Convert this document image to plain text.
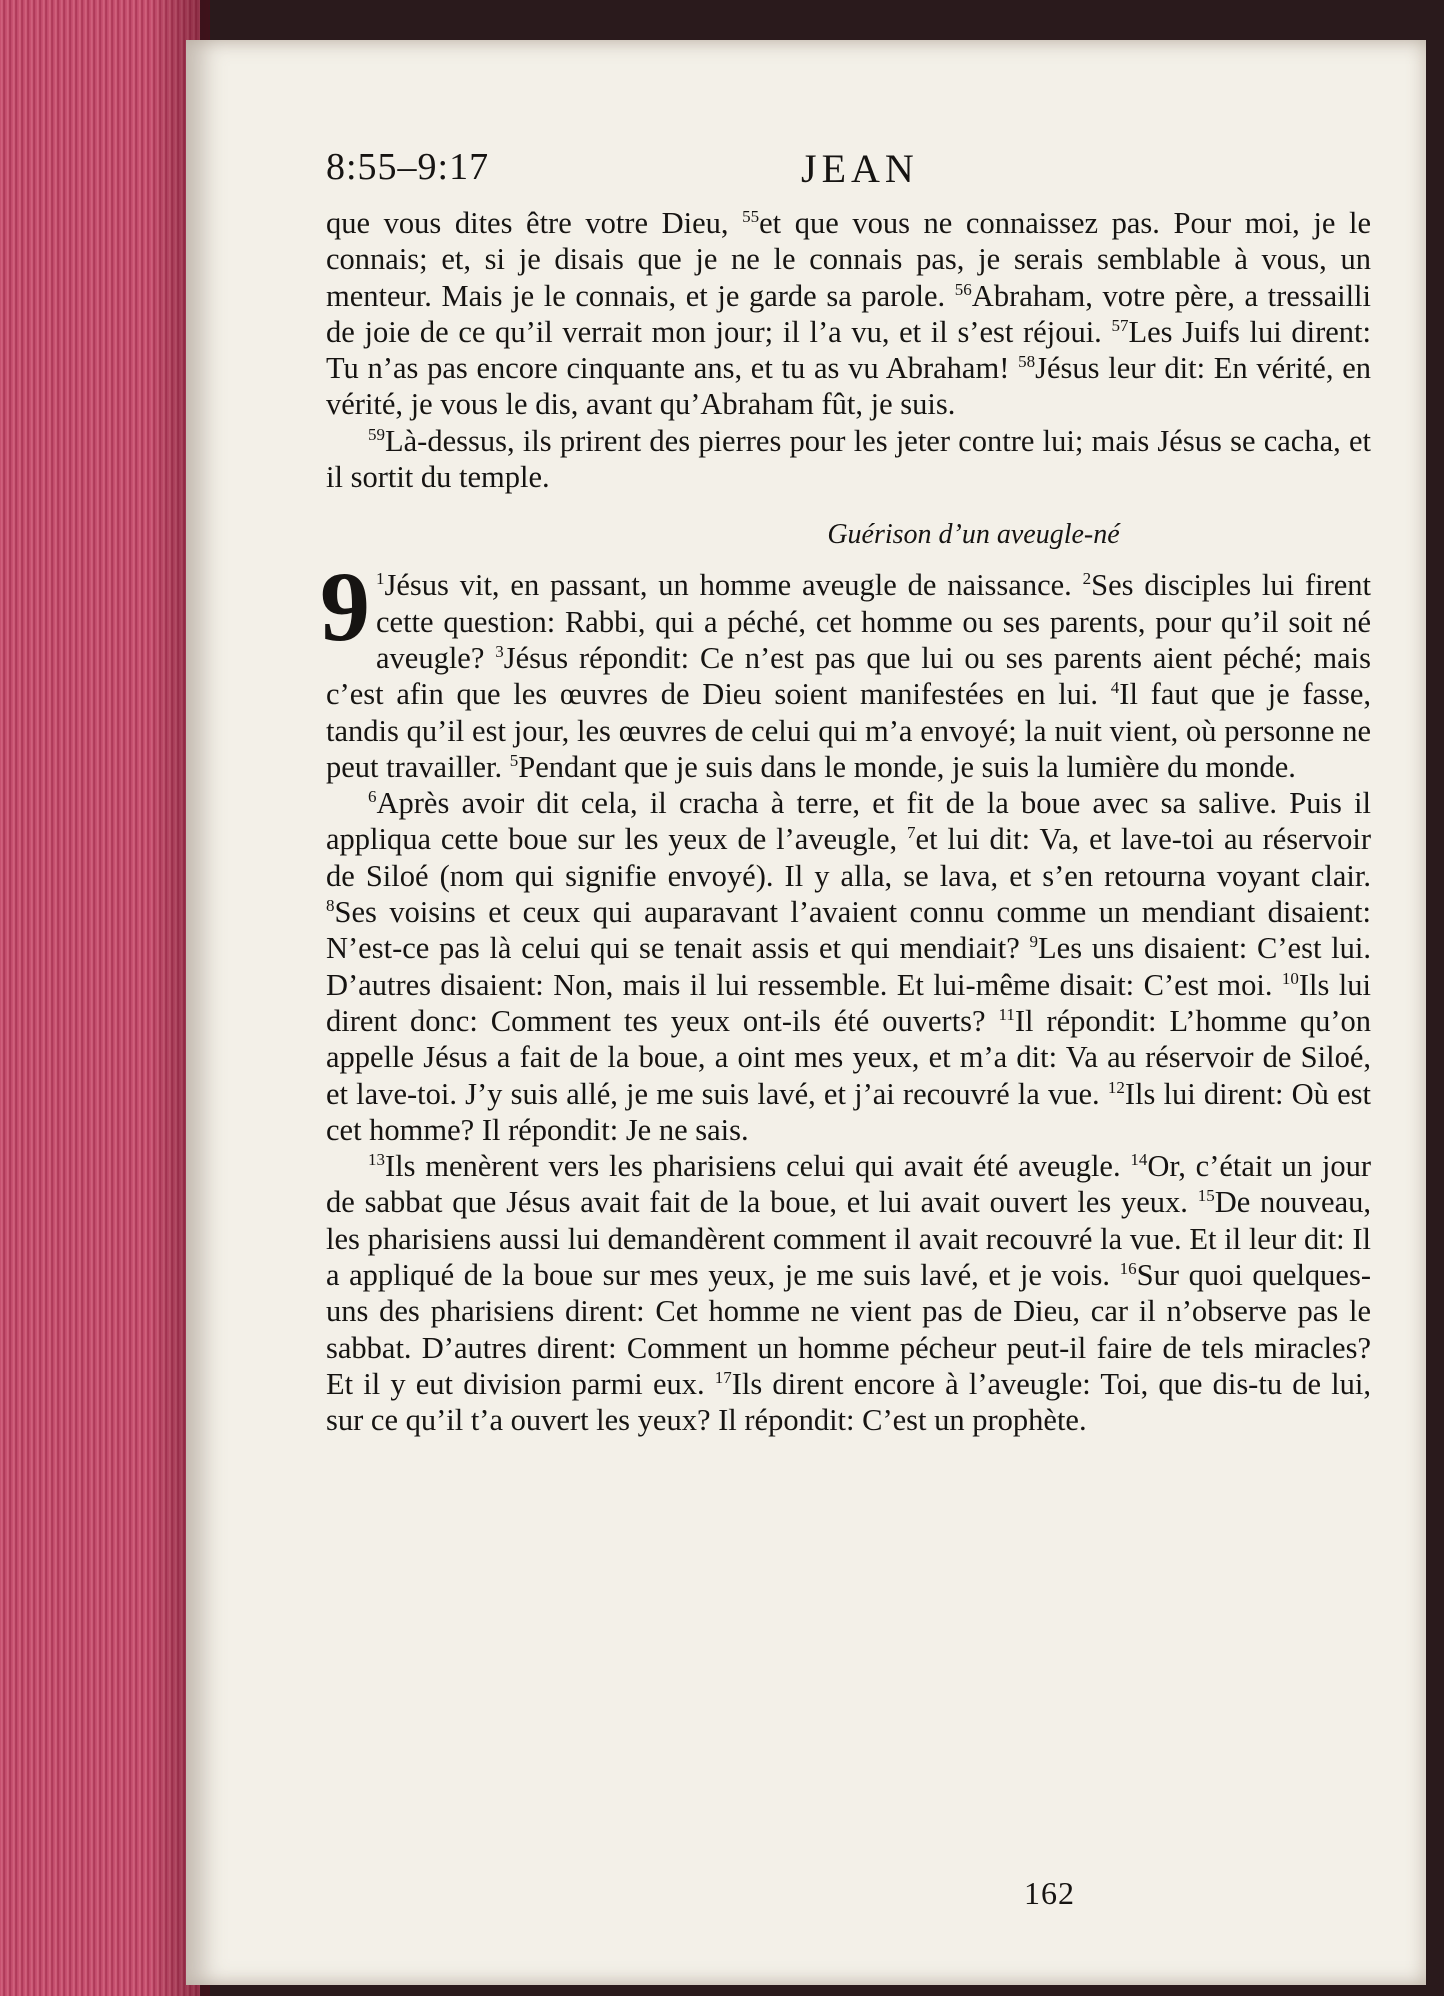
8:55–9:17	JEAN

que vous dites être votre Dieu, $^{55}$et que vous ne connaissez pas. Pour moi, je le connais; et, si je disais que je ne le connais pas, je serais semblable à vous, un menteur. Mais je le connais, et je garde sa parole. $^{56}$Abraham, votre père, a tressailli de joie de ce qu’il verrait mon jour; il l’a vu, et il s’est réjoui. $^{57}$Les Juifs lui dirent: Tu n’as pas encore cinquante ans, et tu as vu Abraham! $^{58}$Jésus leur dit: En vérité, en vérité, je vous le dis, avant qu’Abraham fût, je suis.

$^{59}$Là-dessus, ils prirent des pierres pour les jeter contre lui; mais Jésus se cacha, et il sortit du temple.

Guérison d’un aveugle-né

9 $^1$Jésus vit, en passant, un homme aveugle de naissance. $^2$Ses disciples lui firent cette question: Rabbi, qui a péché, cet homme ou ses parents, pour qu’il soit né aveugle? $^3$Jésus répondit: Ce n’est pas que lui ou ses parents aient péché; mais c’est afin que les œuvres de Dieu soient manifestées en lui. $^4$Il faut que je fasse, tandis qu’il est jour, les œuvres de celui qui m’a envoyé; la nuit vient, où personne ne peut travailler. $^5$Pendant que je suis dans le monde, je suis la lumière du monde.

$^6$Après avoir dit cela, il cracha à terre, et fit de la boue avec sa salive. Puis il appliqua cette boue sur les yeux de l’aveugle, $^7$et lui dit: Va, et lave-toi au réservoir de Siloé (nom qui signifie envoyé). Il y alla, se lava, et s’en retourna voyant clair. $^8$Ses voisins et ceux qui auparavant l’avaient connu comme un mendiant disaient: N’est-ce pas là celui qui se tenait assis et qui mendiait? $^9$Les uns disaient: C’est lui. D’autres disaient: Non, mais il lui ressemble. Et lui-même disait: C’est moi. $^{10}$Ils lui dirent donc: Comment tes yeux ont-ils été ouverts? $^{11}$Il répondit: L’homme qu’on appelle Jésus a fait de la boue, a oint mes yeux, et m’a dit: Va au réservoir de Siloé, et lave-toi. J’y suis allé, je me suis lavé, et j’ai recouvré la vue. $^{12}$Ils lui dirent: Où est cet homme? Il répondit: Je ne sais.

$^{13}$Ils menèrent vers les pharisiens celui qui avait été aveugle. $^{14}$Or, c’était un jour de sabbat que Jésus avait fait de la boue, et lui avait ouvert les yeux. $^{15}$De nouveau, les pharisiens aussi lui demandèrent comment il avait recouvré la vue. Et il leur dit: Il a appliqué de la boue sur mes yeux, je me suis lavé, et je vois. $^{16}$Sur quoi quelques-uns des pharisiens dirent: Cet homme ne vient pas de Dieu, car il n’observe pas le sabbat. D’autres dirent: Comment un homme pécheur peut-il faire de tels miracles? Et il y eut division parmi eux. $^{17}$Ils dirent encore à l’aveugle: Toi, que dis-tu de lui, sur ce qu’il t’a ouvert les yeux? Il répondit: C’est un prophète.

162
